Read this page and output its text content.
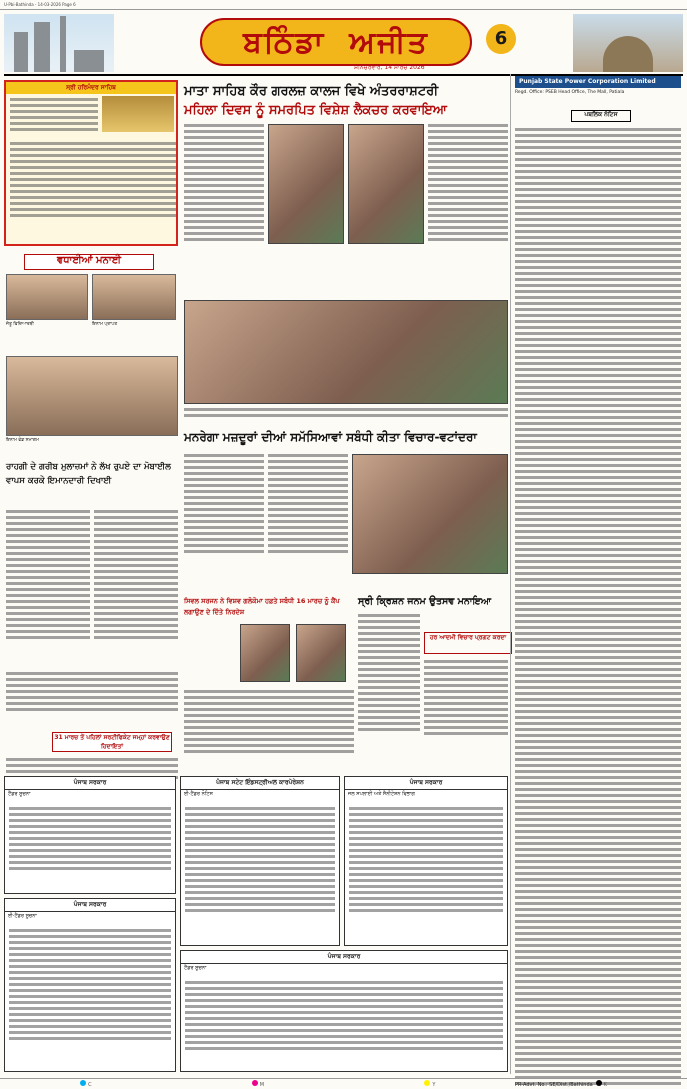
U-Pbi-Bathinda - 14-03-2026 Page 6
ਬਠਿੰਡਾ ਅਜੀਤ
ਸ਼ਨਿੱਚਰਵਾਰ, 14 ਮਾਰਚ 2026
6
ਸ੍ਰੀ ਹਰਿਮੰਦਰ ਸਾਹਿਬ
ਵਧਾਈਆਂ ਮਨਾਈ
ਜੇਤੂ ਵਿਦਿਆਰਥੀ	ਇਨਾਮ ਪ੍ਰਾਪਤ
ਇਨਾਮ ਵੰਡ ਸਮਾਗਮ
ਰਾਹਗੀ ਦੇ ਗਰੀਬ ਮੁਲਾਜ਼ਮਾਂ ਨੇ ਲੱਖ ਰੁਪਏ ਦਾ ਮੋਬਾਈਲ ਵਾਪਸ ਕਰਕੇ ਇਮਾਨਦਾਰੀ ਦਿਖਾਈ
31 ਮਾਰਚ ਤੋਂ ਪਹਿਲਾਂ ਸਰਟੀਫਿਕੇਟ ਜਮ੍ਹਾਂ ਕਰਵਾਉਣ ਹਿਦਾਇਤਾਂ
ਮਾਤਾ ਸਾਹਿਬ ਕੌਰ ਗਰਲਜ਼ ਕਾਲਜ ਵਿਖੇ ਅੰਤਰਰਾਸ਼ਟਰੀ
ਮਹਿਲਾ ਦਿਵਸ ਨੂੰ ਸਮਰਪਿਤ ਵਿਸ਼ੇਸ਼ ਲੈਕਚਰ ਕਰਵਾਇਆ
ਮਨਰੇਗਾ ਮਜ਼ਦੂਰਾਂ ਦੀਆਂ ਸਮੱਸਿਆਵਾਂ ਸਬੰਧੀ ਕੀਤਾ ਵਿਚਾਰ-ਵਟਾਂਦਰਾ
ਸਿਵਲ ਸਰਜਨ ਨੇ ਵਿਸ਼ਵ ਗਲੋਕੋਮਾ ਹਫ਼ਤੇ ਸਬੰਧੀ 16 ਮਾਰਚ ਨੂੰ ਕੈਂਪ ਲਗਾਉਣ ਦੇ ਦਿੱਤੇ ਨਿਰਦੇਸ਼
ਸ੍ਰੀ ਕ੍ਰਿਸ਼ਨ ਜਨਮ ਉਤਸਵ ਮਨਾਇਆ
ਹਰ ਆਦਮੀ ਵਿਚਾਰ ਪ੍ਰਗਟ ਕਰਦਾ
ਪੰਜਾਬ ਸਰਕਾਰ
ਟੈਂਡਰ ਸੂਚਨਾ
ਪੰਜਾਬ ਸਟੇਟ ਇੰਡਸਟ੍ਰੀਅਲ ਕਾਰਪੋਰੇਸ਼ਨ
ਈ-ਟੈਂਡਰ ਨੋਟਿਸ
ਪੰਜਾਬ ਸਰਕਾਰ
ਜਲ ਸਪਲਾਈ ਅਤੇ ਸੈਨੀਟੇਸ਼ਨ ਵਿਭਾਗ
ਪੰਜਾਬ ਸਰਕਾਰ
ਈ-ਟੈਂਡਰ ਸੂਚਨਾ
ਪੰਜਾਬ ਸਰਕਾਰ
ਟੈਂਡਰ ਸੂਚਨਾ
Punjab State Power Corporation Limited
Regd. Office: PSEB Head Office, The Mall, Patiala
ਪਬਲਿਕ ਨੋਟਿਸ
PR-Advt. No.: SE/Dist./Bathinda
C	M	Y	K
